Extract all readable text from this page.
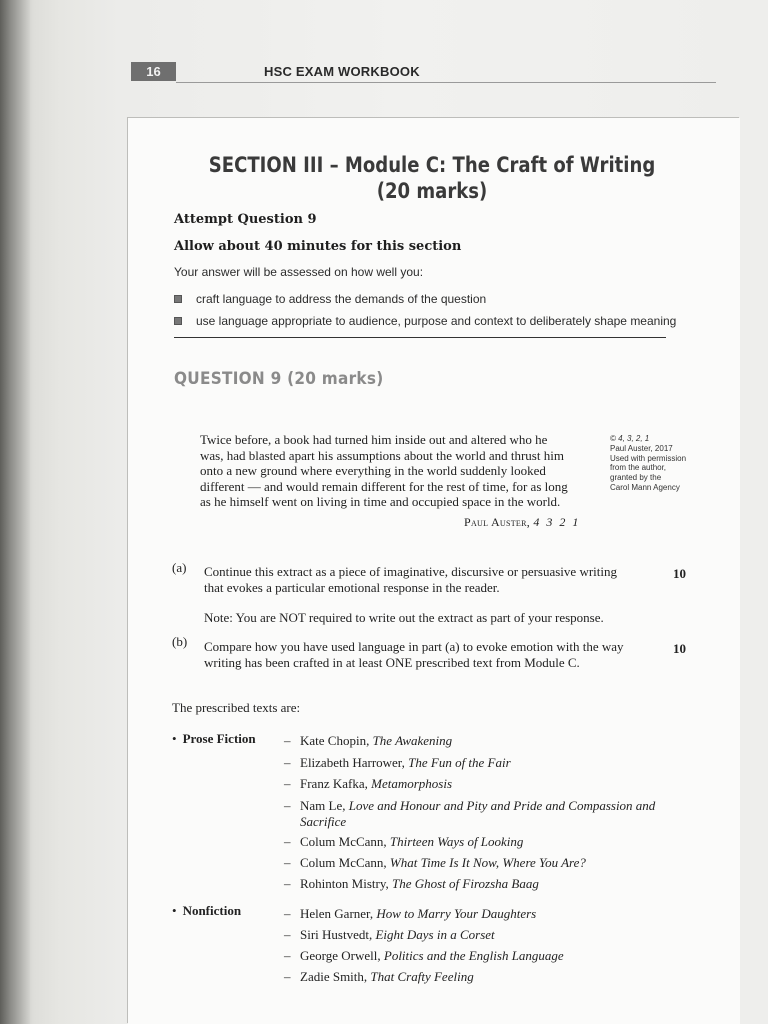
16	HSC EXAM WORKBOOK
SECTION III – Module C: The Craft of Writing
(20 marks)
Attempt Question 9
Allow about 40 minutes for this section
Your answer will be assessed on how well you:
craft language to address the demands of the question
use language appropriate to audience, purpose and context to deliberately shape meaning
QUESTION 9 (20 marks)
Twice before, a book had turned him inside out and altered who he
was, had blasted apart his assumptions about the world and thrust him
onto a new ground where everything in the world suddenly looked
different — and would remain different for the rest of time, for as long
as he himself went on living in time and occupied space in the world.
© 4, 3, 2, 1
Paul Auster, 2017
Used with permission
from the author,
granted by the
Carol Mann Agency
Paul Auster, 4 3 2 1
(a) Continue this extract as a piece of imaginative, discursive or persuasive writing
that evokes a particular emotional response in the reader.
10
Note: You are NOT required to write out the extract as part of your response.
(b) Compare how you have used language in part (a) to evoke emotion with the way
writing has been crafted in at least ONE prescribed text from Module C.
10
The prescribed texts are:
• Prose Fiction – Kate Chopin, The Awakening
– Elizabeth Harrower, The Fun of the Fair
– Franz Kafka, Metamorphosis
– Nam Le, Love and Honour and Pity and Pride and Compassion and
Sacrifice
– Colum McCann, Thirteen Ways of Looking
– Colum McCann, What Time Is It Now, Where You Are?
– Rohinton Mistry, The Ghost of Firozsha Baag
• Nonfiction	– Helen Garner, How to Marry Your Daughters
– Siri Hustvedt, Eight Days in a Corset
– George Orwell, Politics and the English Language
– Zadie Smith, That Crafty Feeling
